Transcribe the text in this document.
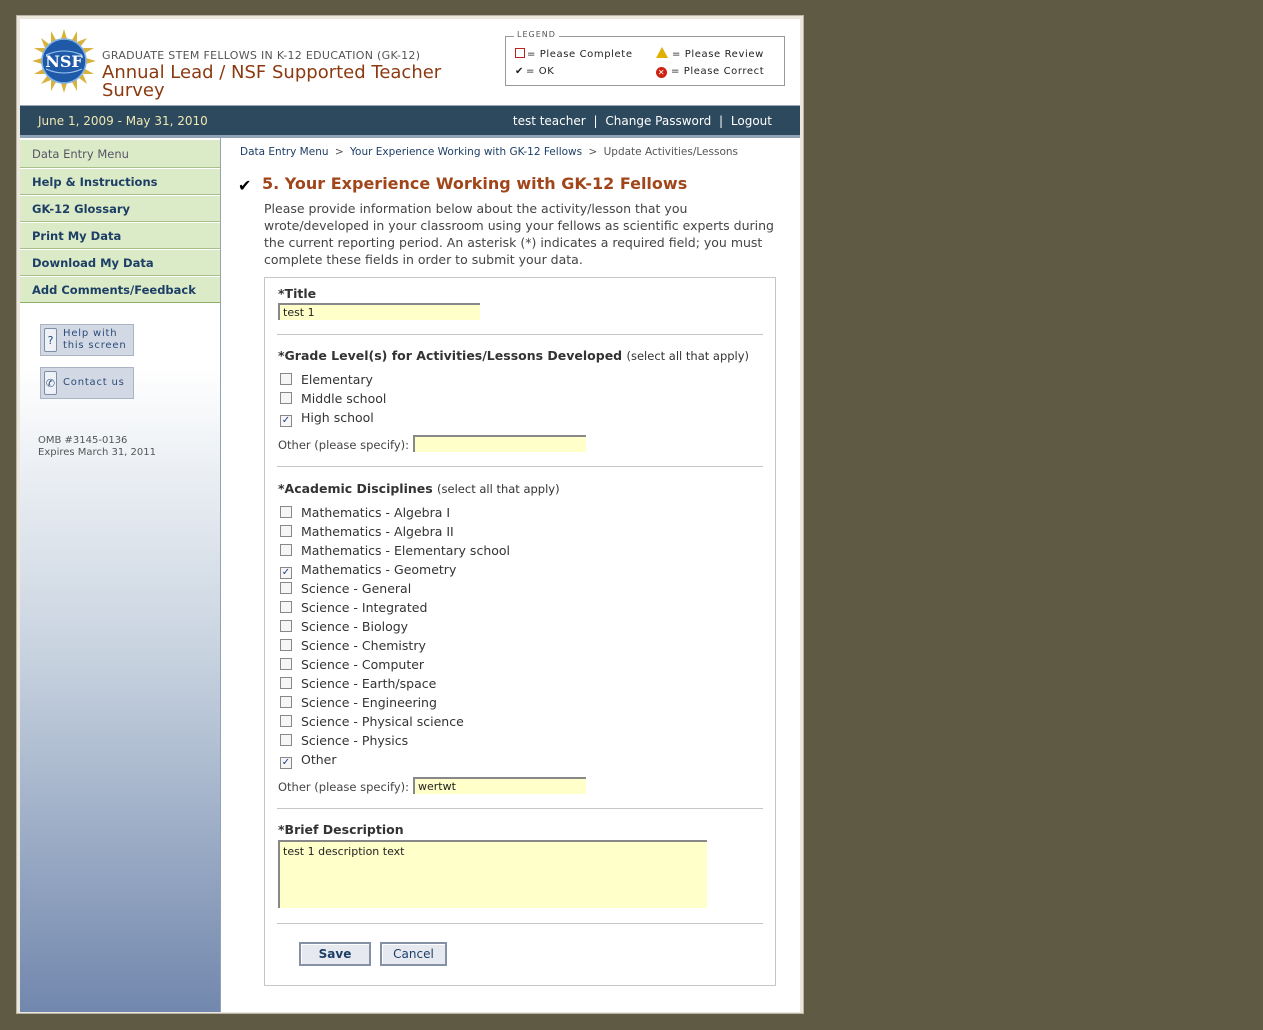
NSF GRADUATE STEM FELLOWS IN K-12 EDUCATION (GK-12)
Annual Lead / NSF Supported Teacher Survey
LEGEND
= Please Complete
✔ = OK
= Please Review
✕ = Please Correct
June 1, 2009 - May 31, 2010	test teacher | Change Password | Logout
Data Entry Menu
Help & Instructions
GK-12 Glossary
Print My Data
Download My Data
Add Comments/Feedback
?
Help with
this screen
✆ Contact us
OMB #3145-0136
Expires March 31, 2011
Data Entry Menu > Your Experience Working with GK-12 Fellows > Update Activities/Lessons
✔ 5. Your Experience Working with GK-12 Fellows
Please provide information below about the activity/lesson that you wrote/developed in your classroom using your fellows as scientific experts during the current reporting period. An asterisk (*) indicates a required field; you must complete these fields in order to submit your data.
*Title
test 1
*Grade Level(s) for Activities/Lessons Developed (select all that apply)
Elementary
Middle school
✓ High school
Other (please specify):
*Academic Disciplines (select all that apply)
Mathematics - Algebra I
Mathematics - Algebra II
Mathematics - Elementary school
✓ Mathematics - Geometry
Science - General
Science - Integrated
Science - Biology
Science - Chemistry
Science - Computer
Science - Earth/space
Science - Engineering
Science - Physical science
Science - Physics
✓ Other
Other (please specify):
wertwt
*Brief Description
test 1 description text
Save	Cancel
